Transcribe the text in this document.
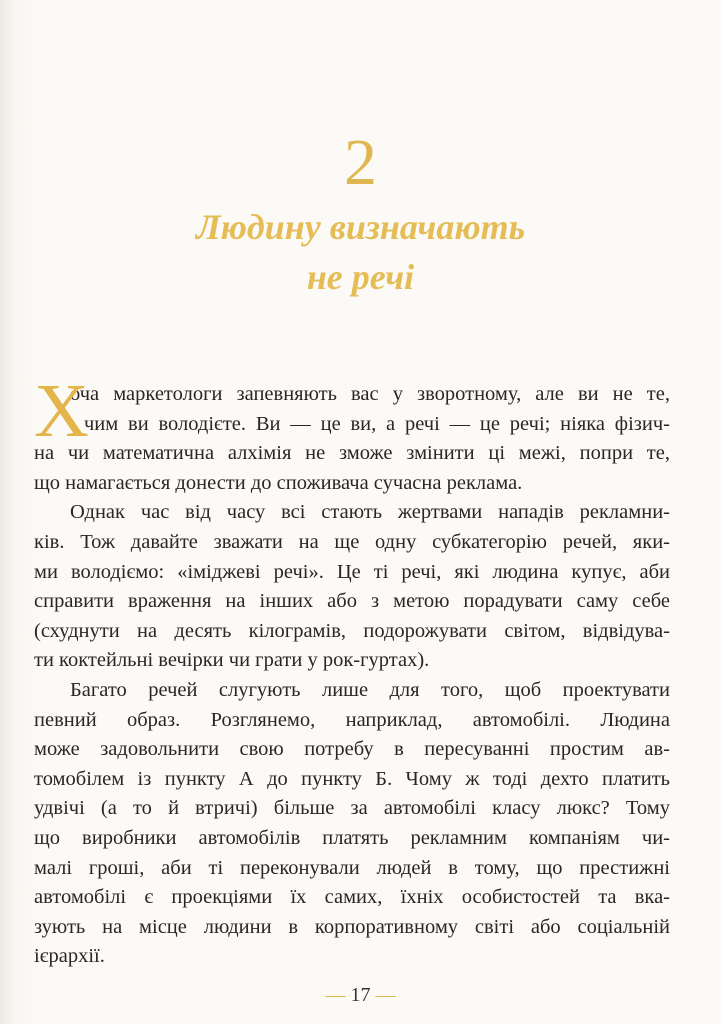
2
Людину визначають
не речі
Х
оча маркетологи запевняють вас у зворотному, але ви не те,
чим ви володієте. Ви — це ви, а речі — це речі; ніяка фізич-
на чи математична алхімія не зможе змінити ці межі, попри те,
що намагається донести до споживача сучасна реклама.
Однак час від часу всі стають жертвами нападів рекламни-
ків. Тож давайте зважати на ще одну субкатегорію речей, яки-
ми володіємо: «іміджеві речі». Це ті речі, які людина купує, аби
справити враження на інших або з метою порадувати саму себе
(схуднути на десять кілограмів, подорожувати світом, відвідува-
ти коктейльні вечірки чи грати у рок-гуртах).
Багато речей слугують лише для того, щоб проектувати
певний образ. Розглянемо, наприклад, автомобілі. Людина
може задовольнити свою потребу в пересуванні простим ав-
томобілем із пункту А до пункту Б. Чому ж тоді дехто платить
удвічі (а то й втричі) більше за автомобілі класу люкс? Тому
що виробники автомобілів платять рекламним компаніям чи-
малі гроші, аби ті переконували людей в тому, що престижні
автомобілі є проекціями їх самих, їхніх особистостей та вка-
зують на місце людини в корпоративному світі або соціальній
ієрархії.
— 17 —
